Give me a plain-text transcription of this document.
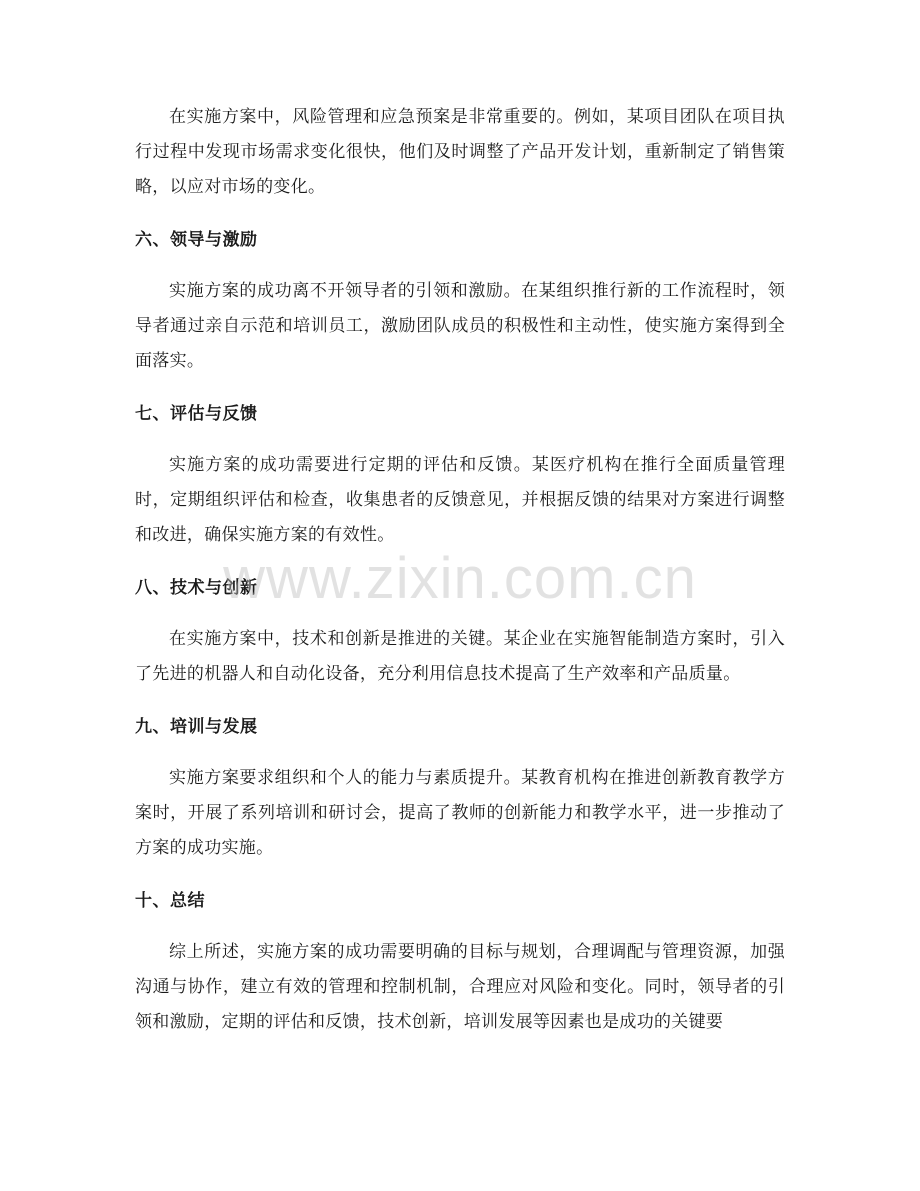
在实施方案中，风险管理和应急预案是非常重要的。例如，某项目团队在项目执行过程中发现市场需求变化很快，他们及时调整了产品开发计划，重新制定了销售策略，以应对市场的变化。

六、领导与激励

实施方案的成功离不开领导者的引领和激励。在某组织推行新的工作流程时，领导者通过亲自示范和培训员工，激励团队成员的积极性和主动性，使实施方案得到全面落实。

七、评估与反馈

实施方案的成功需要进行定期的评估和反馈。某医疗机构在推行全面质量管理时，定期组织评估和检查，收集患者的反馈意见，并根据反馈的结果对方案进行调整和改进，确保实施方案的有效性。

八、技术与创新

在实施方案中，技术和创新是推进的关键。某企业在实施智能制造方案时，引入了先进的机器人和自动化设备，充分利用信息技术提高了生产效率和产品质量。

九、培训与发展

实施方案要求组织和个人的能力与素质提升。某教育机构在推进创新教育教学方案时，开展了系列培训和研讨会，提高了教师的创新能力和教学水平，进一步推动了方案的成功实施。

十、总结

综上所述，实施方案的成功需要明确的目标与规划，合理调配与管理资源，加强沟通与协作，建立有效的管理和控制机制，合理应对风险和变化。同时，领导者的引领和激励，定期的评估和反馈，技术创新，培训发展等因素也是成功的关键要

www.zixin.com.cn
